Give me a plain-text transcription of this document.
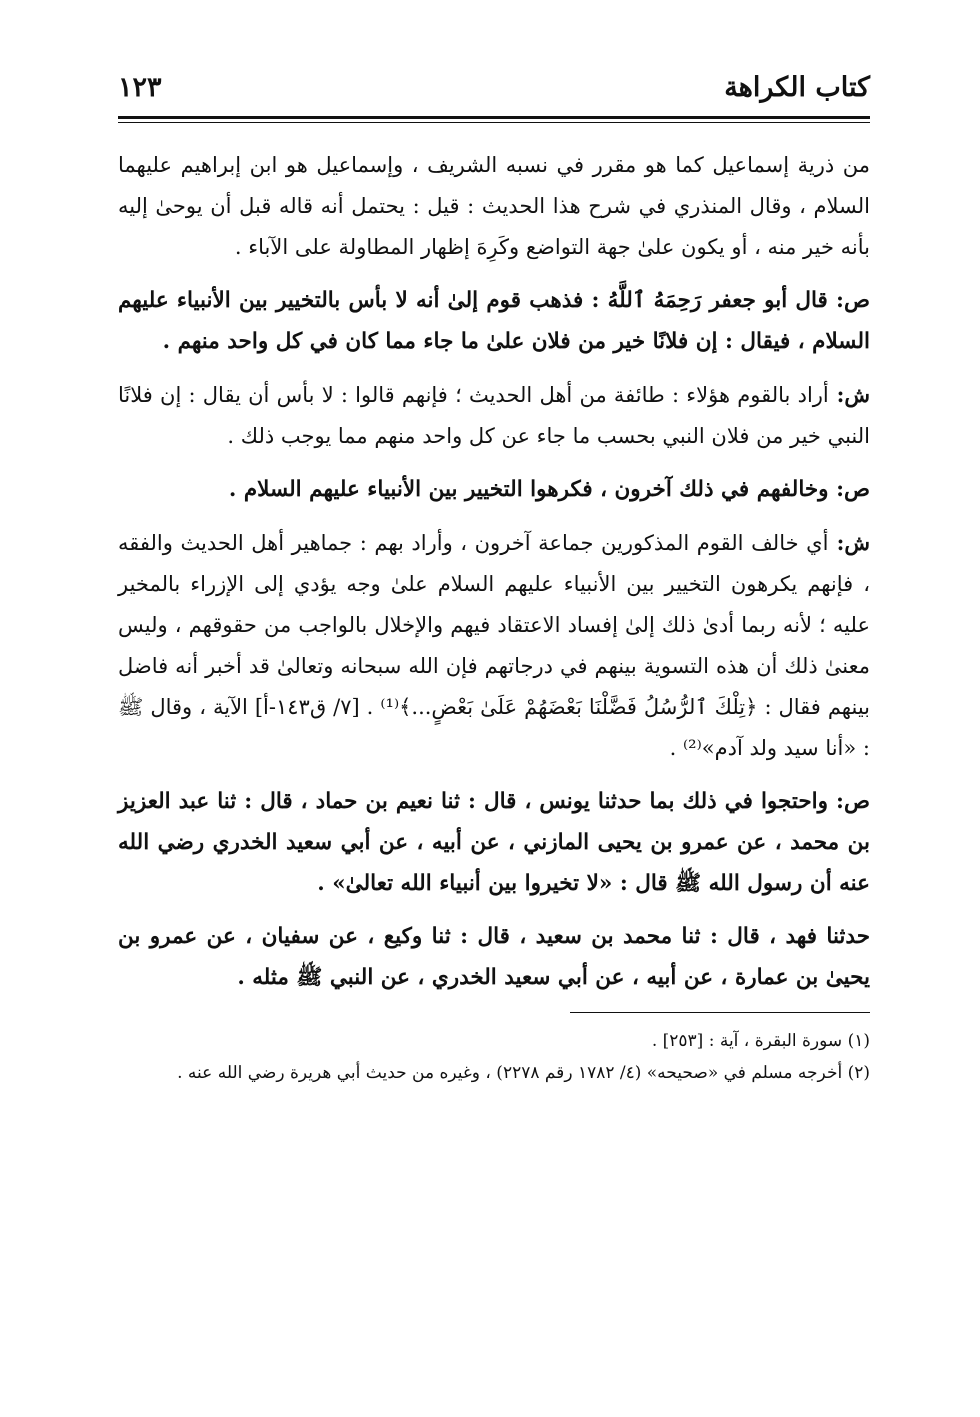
كتاب الكراهة
١٢٣

من ذرية إسماعيل كما هو مقرر في نسبه الشريف ، وإسماعيل هو ابن إبراهيم عليهما السلام ، وقال المنذري في شرح هذا الحديث : قيل : يحتمل أنه قاله قبل أن يوحىٰ إليه بأنه خير منه ، أو يكون علىٰ جهة التواضع وكَرِهَ إظهار المطاولة على الآباء .

ص: قال أبو جعفر رَحِمَهُ ٱللَّهُ : فذهب قوم إلىٰ أنه لا بأس بالتخيير بين الأنبياء عليهم السلام ، فيقال : إن فلانًا خير من فلان علىٰ ما جاء مما كان في كل واحد منهم .

ش: أراد بالقوم هؤلاء : طائفة من أهل الحديث ؛ فإنهم قالوا : لا بأس أن يقال : إن فلانًا النبي خير من فلان النبي بحسب ما جاء عن كل واحد منهم مما يوجب ذلك .

ص: وخالفهم في ذلك آخرون ، فكرهوا التخيير بين الأنبياء عليهم السلام .

ش: أي خالف القوم المذكورين جماعة آخرون ، وأراد بهم : جماهير أهل الحديث والفقه ، فإنهم يكرهون التخيير بين الأنبياء عليهم السلام علىٰ وجه يؤدي إلى الإزراء بالمخير عليه ؛ لأنه ربما أدىٰ ذلك إلىٰ إفساد الاعتقاد فيهم والإخلال بالواجب من حقوقهم ، وليس معنىٰ ذلك أن هذه التسوية بينهم في درجاتهم فإن الله سبحانه وتعالىٰ قد أخبر أنه فاضل بينهم فقال : ﴿تِلْكَ ٱلرُّسُلُ فَضَّلْنَا بَعْضَهُمْ عَلَىٰ بَعْضٍ...﴾⁽¹⁾ . [٧/ ق١٤٣-أ] الآية ، وقال ﷺ : «أنا سيد ولد آدم»⁽²⁾ .

ص: واحتجوا في ذلك بما حدثنا يونس ، قال : ثنا نعيم بن حماد ، قال : ثنا عبد العزيز بن محمد ، عن عمرو بن يحيى المازني ، عن أبيه ، عن أبي سعيد الخدري رضي الله عنه أن رسول الله ﷺ قال : «لا تخيروا بين أنبياء الله تعالىٰ» .

حدثنا فهد ، قال : ثنا محمد بن سعيد ، قال : ثنا وكيع ، عن سفيان ، عن عمرو بن يحيىٰ بن عمارة ، عن أبيه ، عن أبي سعيد الخدري ، عن النبي ﷺ مثله .

(١) سورة البقرة ، آية : [٢٥٣] .

(٢) أخرجه مسلم في «صحيحه» (٤/ ١٧٨٢ رقم ٢٢٧٨) ، وغيره من حديث أبي هريرة رضي الله عنه .
